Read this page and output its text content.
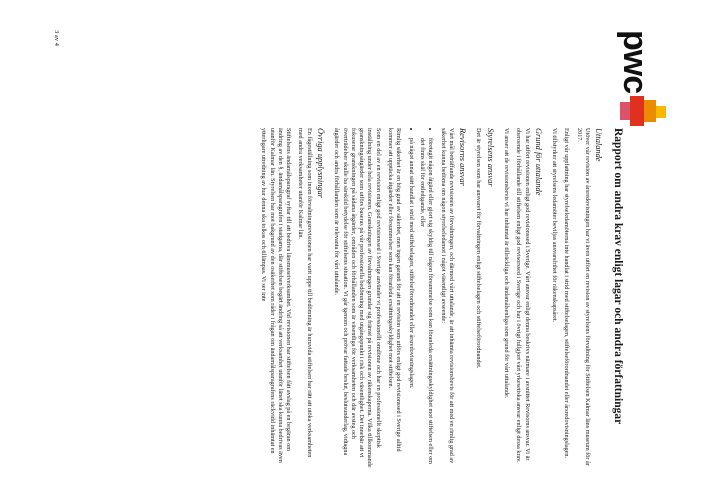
pwc
Rapport om andra krav enligt lagar och andra författningar
Uttalande

Utöver vår revision av årsredovisningen har vi även utfört en revision av styrelsens förvaltning för Stiftelsen Kalmar läns museum för år 2017.

Enligt vår uppfattning har styrelseledamöterna inte handlat i strid med stiftelselagen, stiftelseförordnandet eller årsredovisningslagen.

Vi tillstyrker att styrelsens ledamöter beviljas ansvarsfrihet för räkenskapsåret.

Grund för uttalande

Vi har utfört revisionen enligt god revisionssed i Sverige. Vårt ansvar enligt denna beskrivs närmare i avsnittet Revisorns ansvar. Vi är oberoende i förhållande till stiftelsen enligt god revisorssed i Sverige och har i övrigt fullgjort vårt yrkesetiska ansvar enligt dessa krav.

Vi anser att de revisionsbevis vi har inhämtat är tillräckliga och ändamålsenliga som grund för vårt uttalande.

Styrelsens ansvar

Det är styrelsen som har ansvaret för förvaltningen enligt stiftelselagen och stiftelseförordnandet.

Revisorns ansvar

Vårt mål beträffande revisionen av förvaltningen, och därmed vårt uttalande, är att inhämta revisionsbevis för att med en rimlig grad av säkerhet kunna bedöma om någon styrelseledamot i något väsentligt avseende:

• företagit någon åtgärd eller gjort sig skyldig till någon försummelse som kan föranleda ersättningsskyldighet mot stiftelsen eller om det finns skäl för entledigande, eller
• på något annat sätt handlat i strid med stiftelselagen, stiftelseförordnandet eller årsredovisningslagen.

Rimlig säkerhet är en hög grad av säkerhet, men ingen garanti för att en revision som utförs enligt god revisionssed i Sverige alltid kommer att upptäcka åtgärder eller försummelser som kan föranleda ersättningsskyldighet mot stiftelsen.

Som en del av en revision enligt god revisionssed i Sverige använder vi professionellt omdöme och har en professionellt skeptisk inställning under hela revisionen. Granskningen av förvaltningen grundar sig främst på revisionen av räkenskaperna. Vilka tillkommande granskningsåtgärder som utförs baseras på vår professionella bedömning med utgångspunkt i risk och väsentlighet. Det innebär att vi fokuserar granskningen på sådana åtgärder, områden och förhållanden som är väsentliga för verksamheten och där avsteg och överträdelser skulle ha särskild betydelse för stiftelsens situation. Vi går igenom och prövar fattade beslut, beslutsunderlag, vidtagna åtgärder och andra förhållanden som är relevanta för vårt uttalande.

Övriga upplysningar

En fågeställning som inom förvaltningsrevisionen har varit uppe till bedömning är huruvida stiftelsen har rätt att utöka verksamheten med andra verksamheter utanför Kalmar län.

Stiftelsens ändamålsparagraf syftar till att bedriva länsmuseiverksamhet. Vid revisionen har stiftelsen fått avslag på en begäran om ändring av den §, ändamålsparagrafen i stadgarna, där stiftelsen begärt ändring så att verksamhet utanför länet ska kunna bedrivas även utanför Kalmar län. Styrelsen har mot bakgrund av den osäkerhet som råder i frågan om ändamålsparagrafens räckvidd inhämtat en ytterligare utredning av hur denna ska tolkas och tillämpas. Vi ser inte

3 av 4
